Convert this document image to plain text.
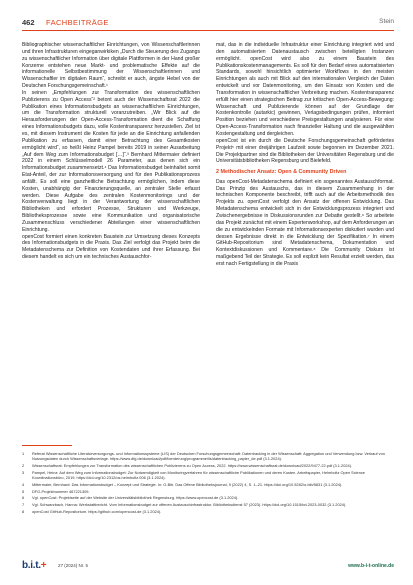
462 FACHBEITRÄGE	Stein

Bibliographischer wissenschaftlicher Einrichtungen, von Wissenschaftlerinnen und ihren Infrastrukturen eingeganwirkiken „Durch die Steuerung des Zugangs zu wissenschaftlicher Information über digitale Plattformen in der Hand großer Konzerne entstehen neue Markt- und problematische Effekte auf die informationelle Selbstbestimmung der Wissenschaftlerinnen und Wissenschaftler im digitalen Raum“, schreibt er auch, ängste Hebel von der Deutschen Forschungsgemeinschaft.¹

In seinen „Empfehlungen zur Transformation des wissenschaftlichen Publizierens zu Open Access“² betont auch der Wissenschaftsrat 2022 die Publikation eines Informationsbudgets an wissenschaftlichen Einrichtungen, um die Transformation strukturell voranzutreiben. „Wir Blick auf die Herausforderungen der Open-Access-Transformation dient die Schaffung eines Informationsbudgets dazu, volle Kostentransparenz herzustellen. Ziel ist es, mit diesem Instrument die Kosten für jede an die Einrichtung anfallenden Publikation zu erfassen, damit einer Betrachtung des Gesamtkosten ermöglicht wird“, so heißt Heinz Pampel bereits 2019 in seiner Ausarbeitung „Auf dem Weg zum Informationsbudget […]“.³ Bernhard Mittermaier definiert 2022 in einem Schlüsselmodell 26 Parameter, aus denen sich ein Informationsbudget zusammensetzt.⁴ Das Informationsbudget beinhaltet somit Etat-Anteil, der zur Informationsversorgung und für den Publikationsprozess anfällt. Es soll eine ganzheitliche Betrachtung ermöglichen, indem diese Kosten, unabhängig der Finanzierungsquelle, an zentraler Stelle erfasst werden. Diese Aufgabe des zentralen Kostenmonitorings und der Kostenverwaltung liegt in der Verantwortung der wissenschaftlichen Bibliotheken und erfordert Prozesse, Strukturen und Werkzeuge, Bibliotheksprozesse sowie eine Kommunikation und organisatorische Zusammenschluss verschiedener Abteilungen einer wissenschaftlichen Einrichtung.

openCost formiert einen konkreten Baustein zur Umsetzung dieses Konzepts des Informationsbudgets in die Praxis. Das Ziel verfolgt das Projekt beim die Metadatenschema zur Definition von Kostendaten und ihrer Erfassung. Bei diesem handelt es sich um ein technisches Austauschfor-

mat, das in die individuelle Infrastruktur einer Einrichtung integriert wird und den automatisierten Datenaustausch zwischen beteiligten Instanzen ermöglicht. openCost wird also zu einem Baustein des Publikationskostenmanagements. Es soll für den Bedarf eines automatisierten Standards, sowohl hinsichtlich optimierter Workflows in den meisten Einrichtungen als auch mit Blick auf den internationalen Vergleich der Daten entwickelt und vor Datenmonitoring, um den Einsatz von Kosten und die Transformation in wissenschaftlicher Verbreitung machen. Kostentransparenz erfüllt hier einen strategischen Beitrag zur kritischen Open-Access-Bewegung: Wissenschaft und Publizierende können auf der Grundlage der Kostenkontrolle (autarkic) gewinnen, Verlagsbedingungen prüfen, informiert Position beziehen und verschiedene Preisgestaltungen analysieren. Für eine Open-Access-Transformation nach finanzieller Haltung und die ausgewählten Kostengestaltung und dergleichen.

openCost ist ein durch die Deutsche Forschungsgemeinschaft gefördertes Projekt⁵ mit einer dreijährigen Laufzeit sowie begonnen im Dezember 2021. Die Projektpartner sind die Bibliotheken der Universitäten Regensburg und die Universitätsbibliotheken Regensburg und Bielefeld.

2 Methodischer Ansatz: Open & Community Driven

Das openCost-Metadatenschema definiert ein sogenanntes Austauschformat. Das Prinzip des Austauschs, das in diesem Zusammenhang in der technischen Komponente beschreibt, trifft auch auf die Arbeitsmethodik des Projekts zu. openCost verfolgt den Ansatz der offenen Entwicklung. Das Metadatenschema entwickelt sich in der Entwicklungsprozess integriert und Zwischenergebnisse in Diskussionsrunden zur Debatte gestellt.⁶ So arbeitete das Projekt zunächst mit einem Expertenworkshop, auf dem Anforderungen an die zu entwickelnden Formate mit Informationsexperten diskutiert wurden und dessen Ergebnisse direkt in die Entwicklung der Spezifikation.⁷ In einem GitHub-Repositorium sind Metadatenschema, Dokumentation und Kontextdiskussionen und Kommentare.⁸ Die Community Diskurs ist maßgebend Teil der Strategie. Es soll explizit kein Resultat erzielt werden, das erst nach Fertigstellung in die Praxis

1	Referat Wissenschaftliche Literaturversorgungs- und Informationssysteme (LIS) der Deutschen Forschungsgemeinschaft: Datentracking in der Wissenschaft: Aggregation und Verwendung bzw. Verkauf von Nutzungsdaten durch Wissenschaftsverlage. https://www.dfg.de/download/pdf/foerderung/programme/lis/datentracking_papier_de.pdf (3.1.2024).
2	Wissenschaftsrat: Empfehlungen zur Transformation des wissenschaftlichen Publizierens zu Open Access, 2022. https://www.wissenschaftsrat.de/download/2022/9477-22.pdf (3.1.2024).
3	Pampel, Heinz: Auf dem Weg zum Informationsbudget: Zur Notwendigkeit von Monitoringverfahren für wissenschaftliche Publikationen und deren Kosten. Arbeitspapier, Helmholtz Open Science Koordinationsbüro, 2019. https://doi.org/10.2312/os.helmholtz.006 (3.1.2024).
4	Mittermaier, Bernhard: Das Informationsbudget – Konzept und Strategie. In: O-Bib. Das Offene Bibliotheksjournal, 9 (2022) 4, S. 1–21. https://doi.org/10.5282/o-bib/5831 (3.1.2024).
5	DFG-Projektnummer 467221309.
6	Vgl. openCost: Projektseite auf der Website der Universitätsbibliothek Regensburg. https://www.opencost.de (3.1.2024).
7	Vgl. Schwarzbach, Hanna: Werkstattbericht. Vom Informationsbudget zur offenen Austauschinfrastruktur. Bibliotheksdienst 57 (2023). https://doi.org/10.1515/bd-2023-0032 (3.1.2024).
8	openCost GitHub-Repositorium. https://github.com/opencost-de (3.1.2024).
b.i.t.+	27 (2024) Nr. 5	www.b-i-t-online.de
